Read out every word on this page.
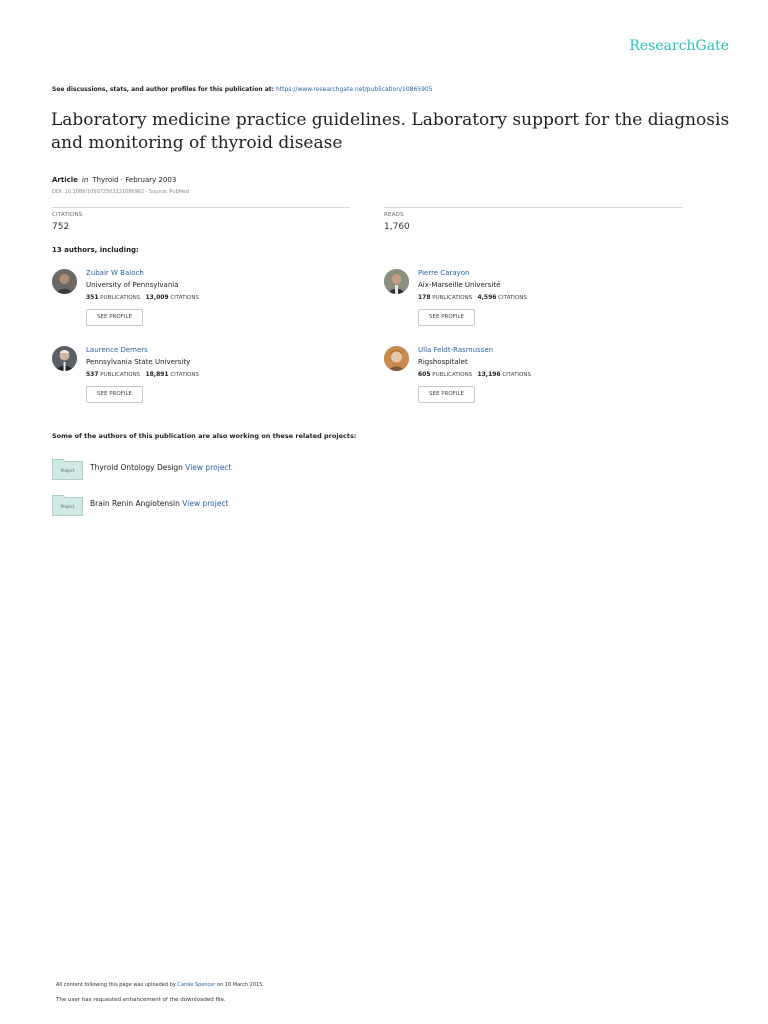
ResearchGate
See discussions, stats, and author profiles for this publication at: https://www.researchgate.net/publication/10865905
Laboratory medicine practice guidelines. Laboratory support for the diagnosis and monitoring of thyroid disease
Article in Thyroid · February 2003
DOI: 10.1089/105072503321086962 · Source: PubMed
CITATIONS
752
READS
1,760
13 authors, including:
Zubair W Baloch
University of Pennsylvania
351 PUBLICATIONS 13,009 CITATIONS
SEE PROFILE
Pierre Carayon
Aix-Marseille Université
178 PUBLICATIONS 4,596 CITATIONS
SEE PROFILE
Laurence Demers
Pennsylvania State University
537 PUBLICATIONS 18,891 CITATIONS
SEE PROFILE
Ulla Feldt-Rasmussen
Rigshospitalet
605 PUBLICATIONS 13,196 CITATIONS
SEE PROFILE
Some of the authors of this publication are also working on these related projects:
Project Thyroid Ontology Design View project
Project Brain Renin Angiotensin View project
All content following this page was uploaded by Carole Spencer on 10 March 2015.
The user has requested enhancement of the downloaded file.
